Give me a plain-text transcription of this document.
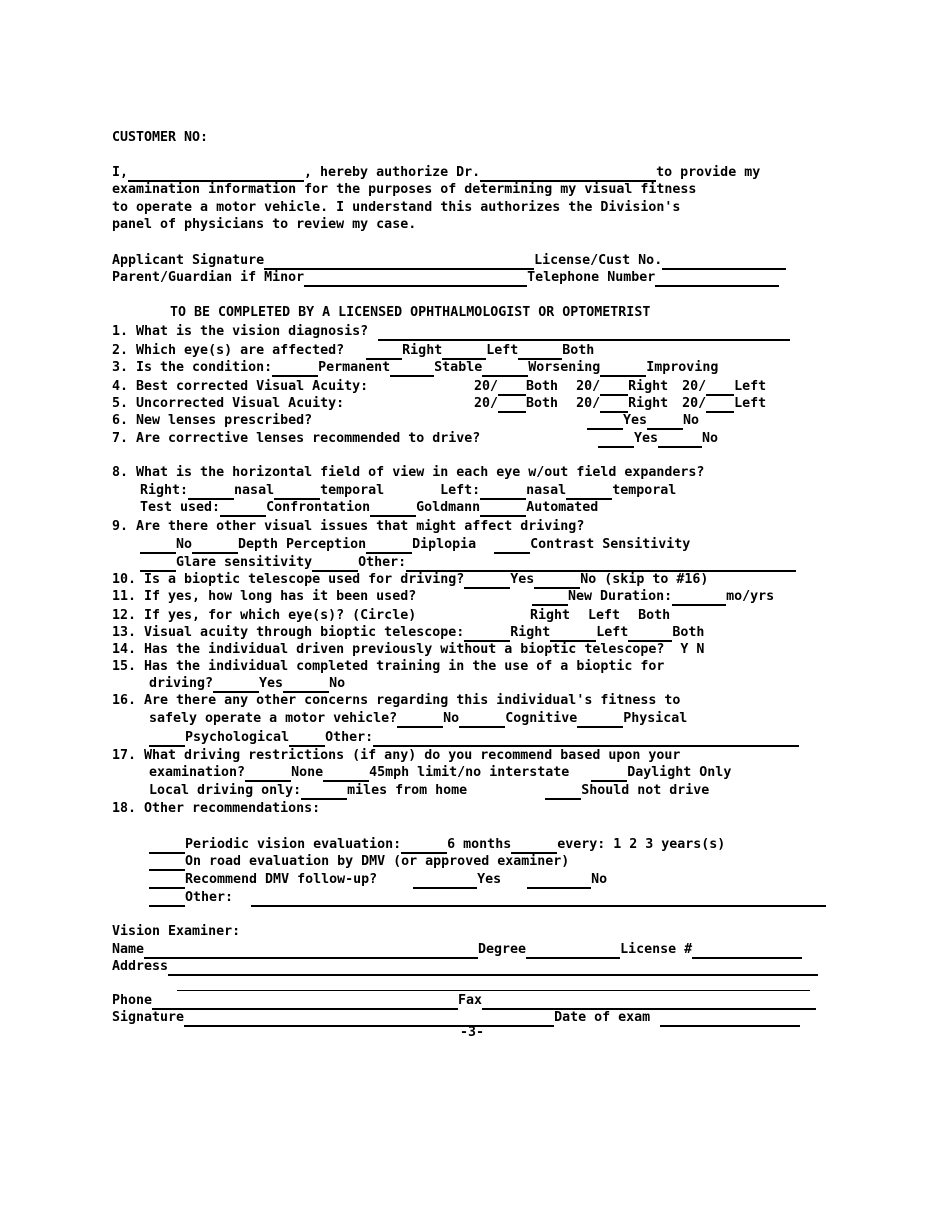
CUSTOMER NO:
I,	, hereby authorize Dr.	to provide my
examination information for the purposes of determining my visual fitness
to operate a motor vehicle. I understand this authorizes the Division's
panel of physicians to review my case.
Applicant Signature	License/Cust No.
Parent/Guardian if Minor	Telephone Number
TO BE COMPLETED BY A LICENSED OPHTHALMOLOGIST OR OPTOMETRIST
1. What is the vision diagnosis?
2. Which eye(s) are affected?	Right	Left	Both
3. Is the condition:	Permanent	Stable	Worsening	Improving
4. Best corrected Visual Acuity:	20/ Both 20/ Right 20/ Left
5. Uncorrected Visual Acuity:	20/ Both 20/ Right 20/ Left
6. New lenses prescribed?	Yes	No
7. Are corrective lenses recommended to drive?	Yes	No
8. What is the horizontal field of view in each eye w/out field expanders?
Right:	nasal	temporal	Left:	nasal	temporal
Test used:	Confrontation	Goldmann	Automated
9. Are there other visual issues that might affect driving?
No	Depth Perception	Diplopia	Contrast Sensitivity
Glare sensitivity	Other:
10. Is a bioptic telescope used for driving?	Yes	No (skip to #16)
11. If yes, how long has it been used?	New Duration:	mo/yrs
12. If yes, for which eye(s)? (Circle)	Right Left Both
13. Visual acuity through bioptic telescope:	Right	Left	Both
14. Has the individual driven previously without a bioptic telescope? Y N
15. Has the individual completed training in the use of a bioptic for
driving?	Yes	No
16. Are there any other concerns regarding this individual's fitness to
safely operate a motor vehicle?	No	Cognitive	Physical
Psychological	Other:
17. What driving restrictions (if any) do you recommend based upon your
examination?	None	45mph limit/no interstate	Daylight Only
Local driving only:	miles from home	Should not drive
18. Other recommendations:
Periodic vision evaluation:	6 months	every: 1 2 3 years(s)
On road evaluation by DMV (or approved examiner)
Recommend DMV follow-up?	Yes	No
Other:
Vision Examiner:
Name	Degree	License #
Address
Phone	Fax
Signature	Date of exam
-3-
